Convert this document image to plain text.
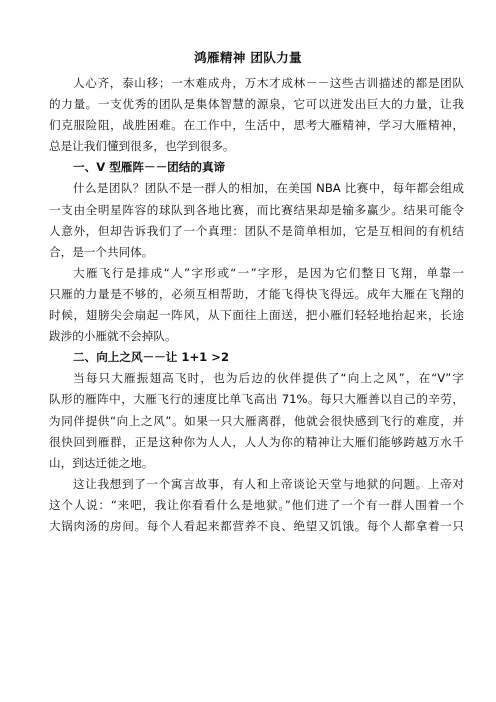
鸿雁精神 团队力量
人心齐，泰山移；一木难成舟，万木才成林－－这些古训描述的都是团队
的力量。一支优秀的团队是集体智慧的源泉，它可以迸发出巨大的力量，让我
们克服险阻，战胜困难。在工作中，生活中，思考大雁精神，学习大雁精神，
总是让我们懂到很多，也学到很多。
一、V 型雁阵－－团结的真谛
什么是团队？团队不是一群人的相加，在美国 NBA 比赛中，每年都会组成
一支由全明星阵容的球队到各地比赛，而比赛结果却是输多赢少。结果可能令
人意外，但却告诉我们了一个真理：团队不是简单相加，它是互相间的有机结
合，是一个共同体。
大雁飞行是排成“人”字形或“一”字形，是因为它们整日飞翔，单靠一
只雁的力量是不够的，必须互相帮助，才能飞得快飞得远。成年大雁在飞翔的
时候，翅膀尖会扇起一阵风，从下面往上面送，把小雁们轻轻地抬起来，长途
跋涉的小雁就不会掉队。
二、向上之风－－让 1+1 >2
当每只大雁振翅高飞时，也为后边的伙伴提供了“向上之风”，在“V”字
队形的雁阵中，大雁飞行的速度比单飞高出 71%。每只大雁善以自己的辛劳，
为同伴提供“向上之风”。如果一只大雁离群，他就会很快感到飞行的难度，并
很快回到雁群，正是这种你为人人，人人为你的精神让大雁们能够跨越万水千
山，到达迁徙之地。
这让我想到了一个寓言故事，有人和上帝谈论天堂与地狱的问题。上帝对
这个人说：“来吧，我让你看看什么是地狱。”他们进了一个有一群人围着一个
大锅肉汤的房间。每个人看起来都营养不良、绝望又饥饿。每个人都拿着一只
